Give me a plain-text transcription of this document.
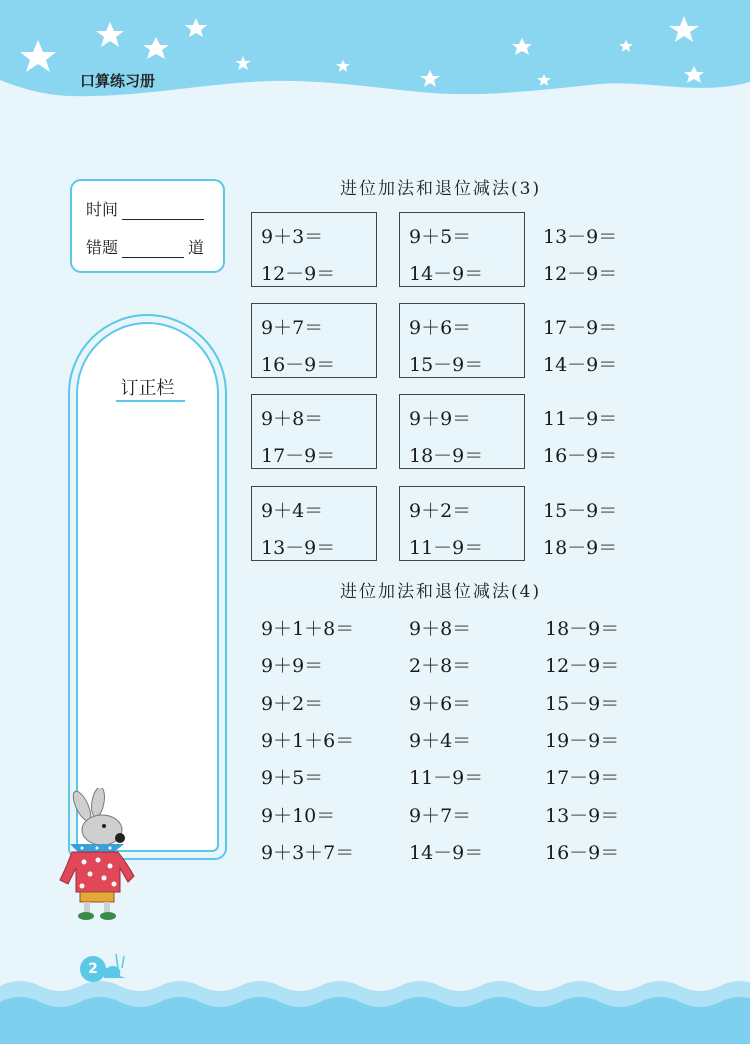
口算练习册
时间
错题	道
订正栏
进位加法和退位减法(3)
9＋3＝
12－9＝
9＋5＝
14－9＝
13－9＝
12－9＝
9＋7＝
16－9＝
9＋6＝
15－9＝
17－9＝
14－9＝
9＋8＝
17－9＝
9＋9＝
18－9＝
11－9＝
16－9＝
9＋4＝
13－9＝
9＋2＝
11－9＝
15－9＝
18－9＝
进位加法和退位减法(4)
9＋1＋8＝
9＋9＝
9＋2＝
9＋1＋6＝
9＋5＝
9＋10＝
9＋3＋7＝
9＋8＝
2＋8＝
9＋6＝
9＋4＝
11－9＝
9＋7＝
14－9＝
18－9＝
12－9＝
15－9＝
19－9＝
17－9＝
13－9＝
16－9＝
2
